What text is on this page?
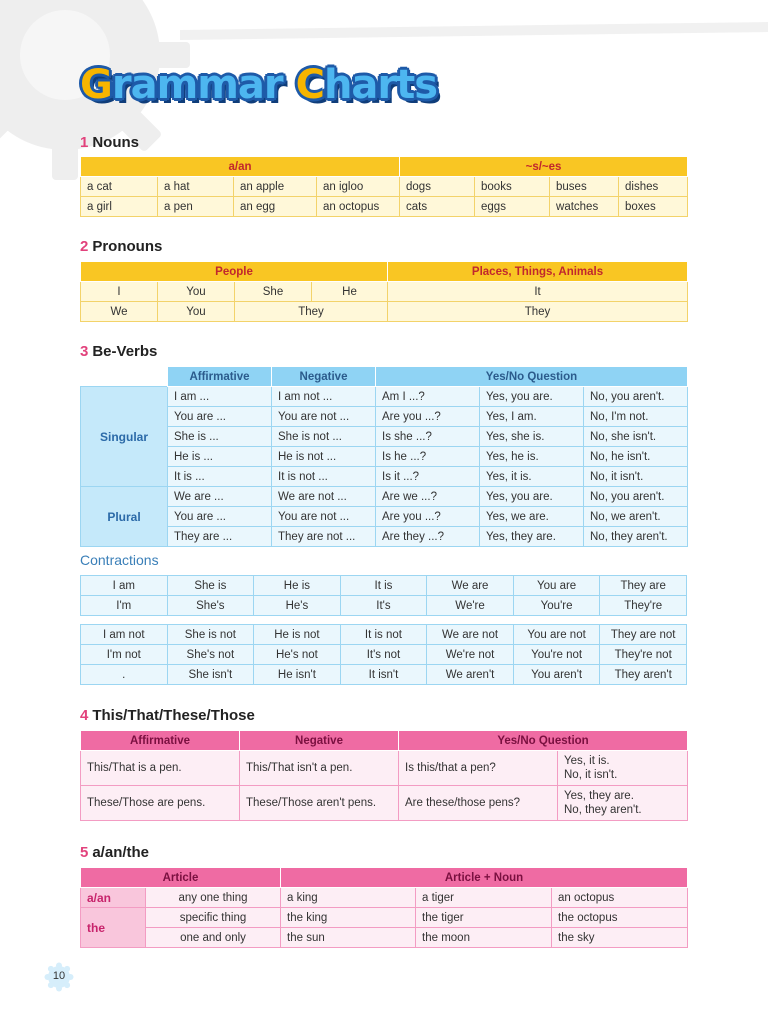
Grammar Charts
1 Nouns
a/an				~s/~es			
a cat	a hat	an apple	an igloo	dogs	books	buses	dishes
a girl	a pen	an egg	an octopus	cats	eggs	watches	boxes
2 Pronouns
People				Places, Things, Animals
I	You	She	He	It
We	You	They		They
3 Be-Verbs
	Affirmative	Negative	Yes/No Question		
Singular	I am ...	I am not ...	Am I ...?	Yes, you are.	No, you aren't.
	You are ...	You are not ...	Are you ...?	Yes, I am.	No, I'm not.
	She is ...	She is not ...	Is she ...?	Yes, she is.	No, she isn't.
	He is ...	He is not ...	Is he ...?	Yes, he is.	No, he isn't.
	It is ...	It is not ...	Is it ...?	Yes, it is.	No, it isn't.
Plural	We are ...	We are not ...	Are we ...?	Yes, you are.	No, you aren't.
	You are ...	You are not ...	Are you ...?	Yes, we are.	No, we aren't.
	They are ...	They are not ...	Are they ...?	Yes, they are.	No, they aren't.
Contractions
I am	She is	He is	It is	We are	You are	They are
I'm	She's	He's	It's	We're	You're	They're
I am not	She is not	He is not	It is not	We are not	You are not	They are not
I'm not	She's not	He's not	It's not	We're not	You're not	They're not
.	She isn't	He isn't	It isn't	We aren't	You aren't	They aren't
4 This/That/These/Those
Affirmative	Negative	Yes/No Question	
This/That is a pen.	This/That isn't a pen.	Is this/that a pen?	Yes, it is.
No, it isn't.

These/Those are pens.	These/Those aren't pens.	Are these/those pens?	Yes, they are.
No, they aren't.
5 a/an/the
Article		Article + Noun		
a/an	any one thing	a king	a tiger	an octopus
the	specific thing	the king	the tiger	the octopus
	one and only	the sun	the moon	the sky
10
